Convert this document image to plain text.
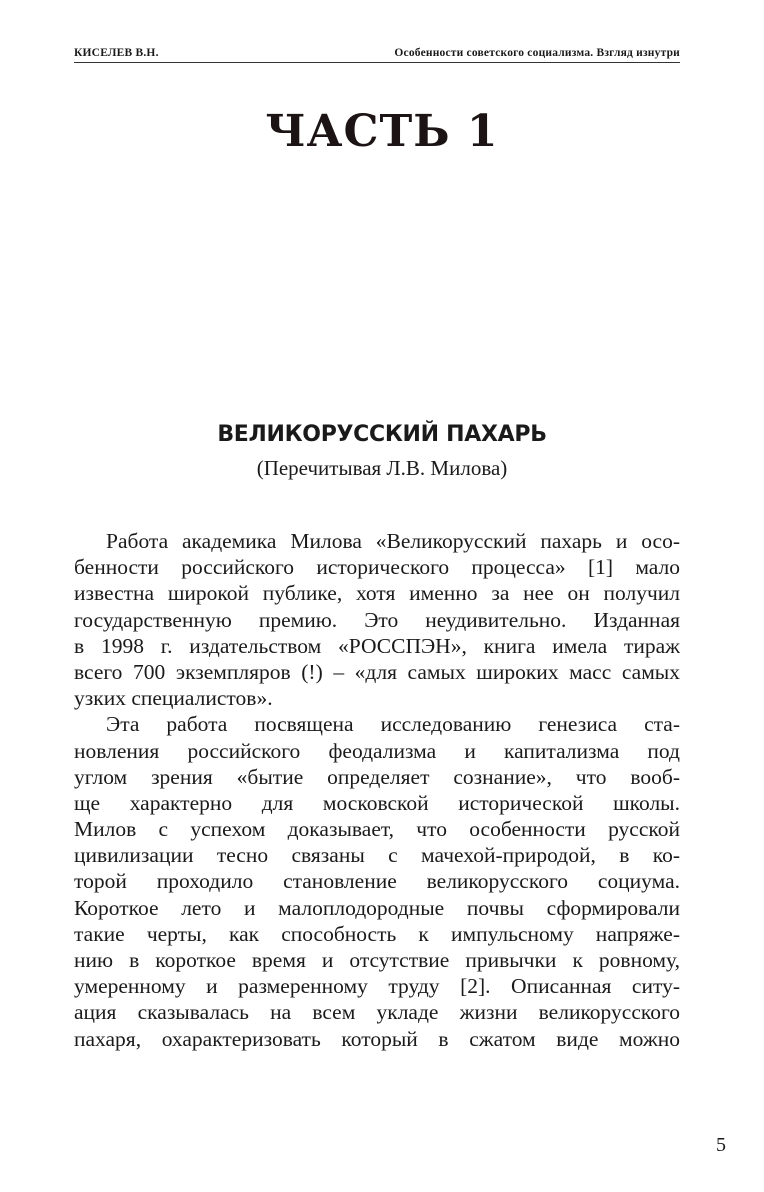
КИСЕЛЕВ В.Н.	Особенности советского социализма. Взгляд изнутри
ЧАСТЬ 1
ВЕЛИКОРУССКИЙ ПАХАРЬ
(Перечитывая Л.В. Милова)
Работа академика Милова «Великорусский пахарь и осо-
бенности российского исторического процесса» [1] мало
известна широкой публике, хотя именно за нее он получил
государственную премию. Это неудивительно. Изданная
в 1998 г. издательством «РОССПЭН», книга имела тираж
всего 700 экземпляров (!) – «для самых широких масс самых
узких специалистов».
Эта работа посвящена исследованию генезиса ста-
новления российского феодализма и капитализма под
углом зрения «бытие определяет сознание», что вооб-
ще характерно для московской исторической школы.
Милов с успехом доказывает, что особенности русской
цивилизации тесно связаны с мачехой-природой, в ко-
торой проходило становление великорусского социума.
Короткое лето и малоплодородные почвы сформировали
такие черты, как способность к импульсному напряже-
нию в короткое время и отсутствие привычки к ровному,
умеренному и размеренному труду [2]. Описанная ситу-
ация сказывалась на всем укладе жизни великорусского
пахаря, охарактеризовать который в сжатом виде можно
5
